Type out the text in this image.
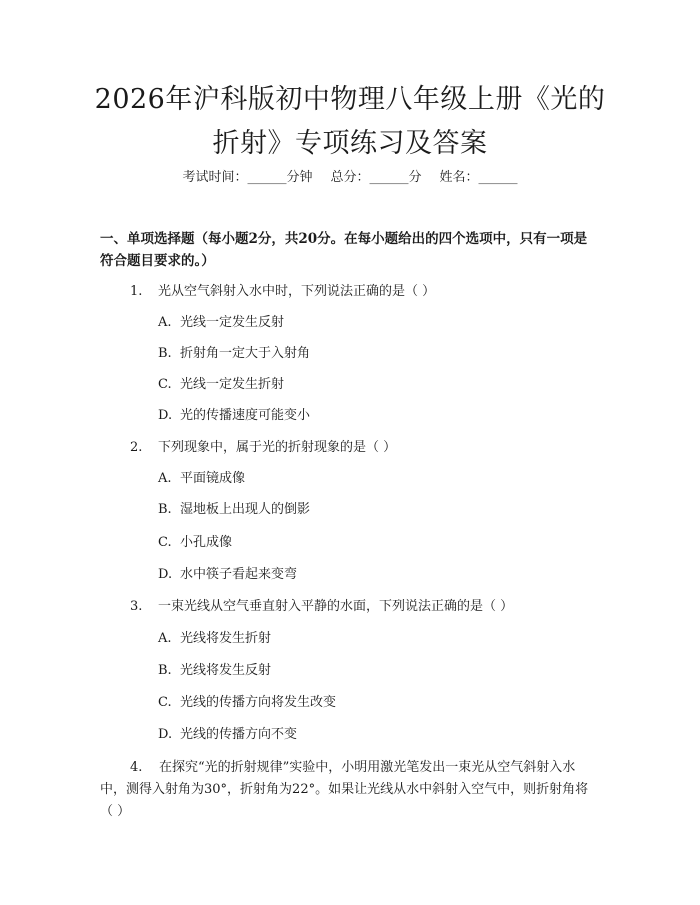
2026年沪科版初中物理八年级上册《光的折射》专项练习及答案
考试时间：______分钟 总分：______分 姓名：______

一、单项选择题（每小题2分，共20分。在每小题给出的四个选项中，只有一项是符合题目要求的。）

1. 光从空气斜射入水中时，下列说法正确的是（ ）
A. 光线一定发生反射
B. 折射角一定大于入射角
C. 光线一定发生折射
D. 光的传播速度可能变小
2. 下列现象中，属于光的折射现象的是（ ）
A. 平面镜成像
B. 湿地板上出现人的倒影
C. 小孔成像
D. 水中筷子看起来变弯
3. 一束光线从空气垂直射入平静的水面，下列说法正确的是（ ）
A. 光线将发生折射
B. 光线将发生反射
C. 光线的传播方向将发生改变
D. 光线的传播方向不变

4. 在探究“光的折射规律”实验中，小明用激光笔发出一束光从空气斜射入水中，测得入射角为30°，折射角为22°。如果让光线从水中斜射入空气中，则折射角将（ ）
